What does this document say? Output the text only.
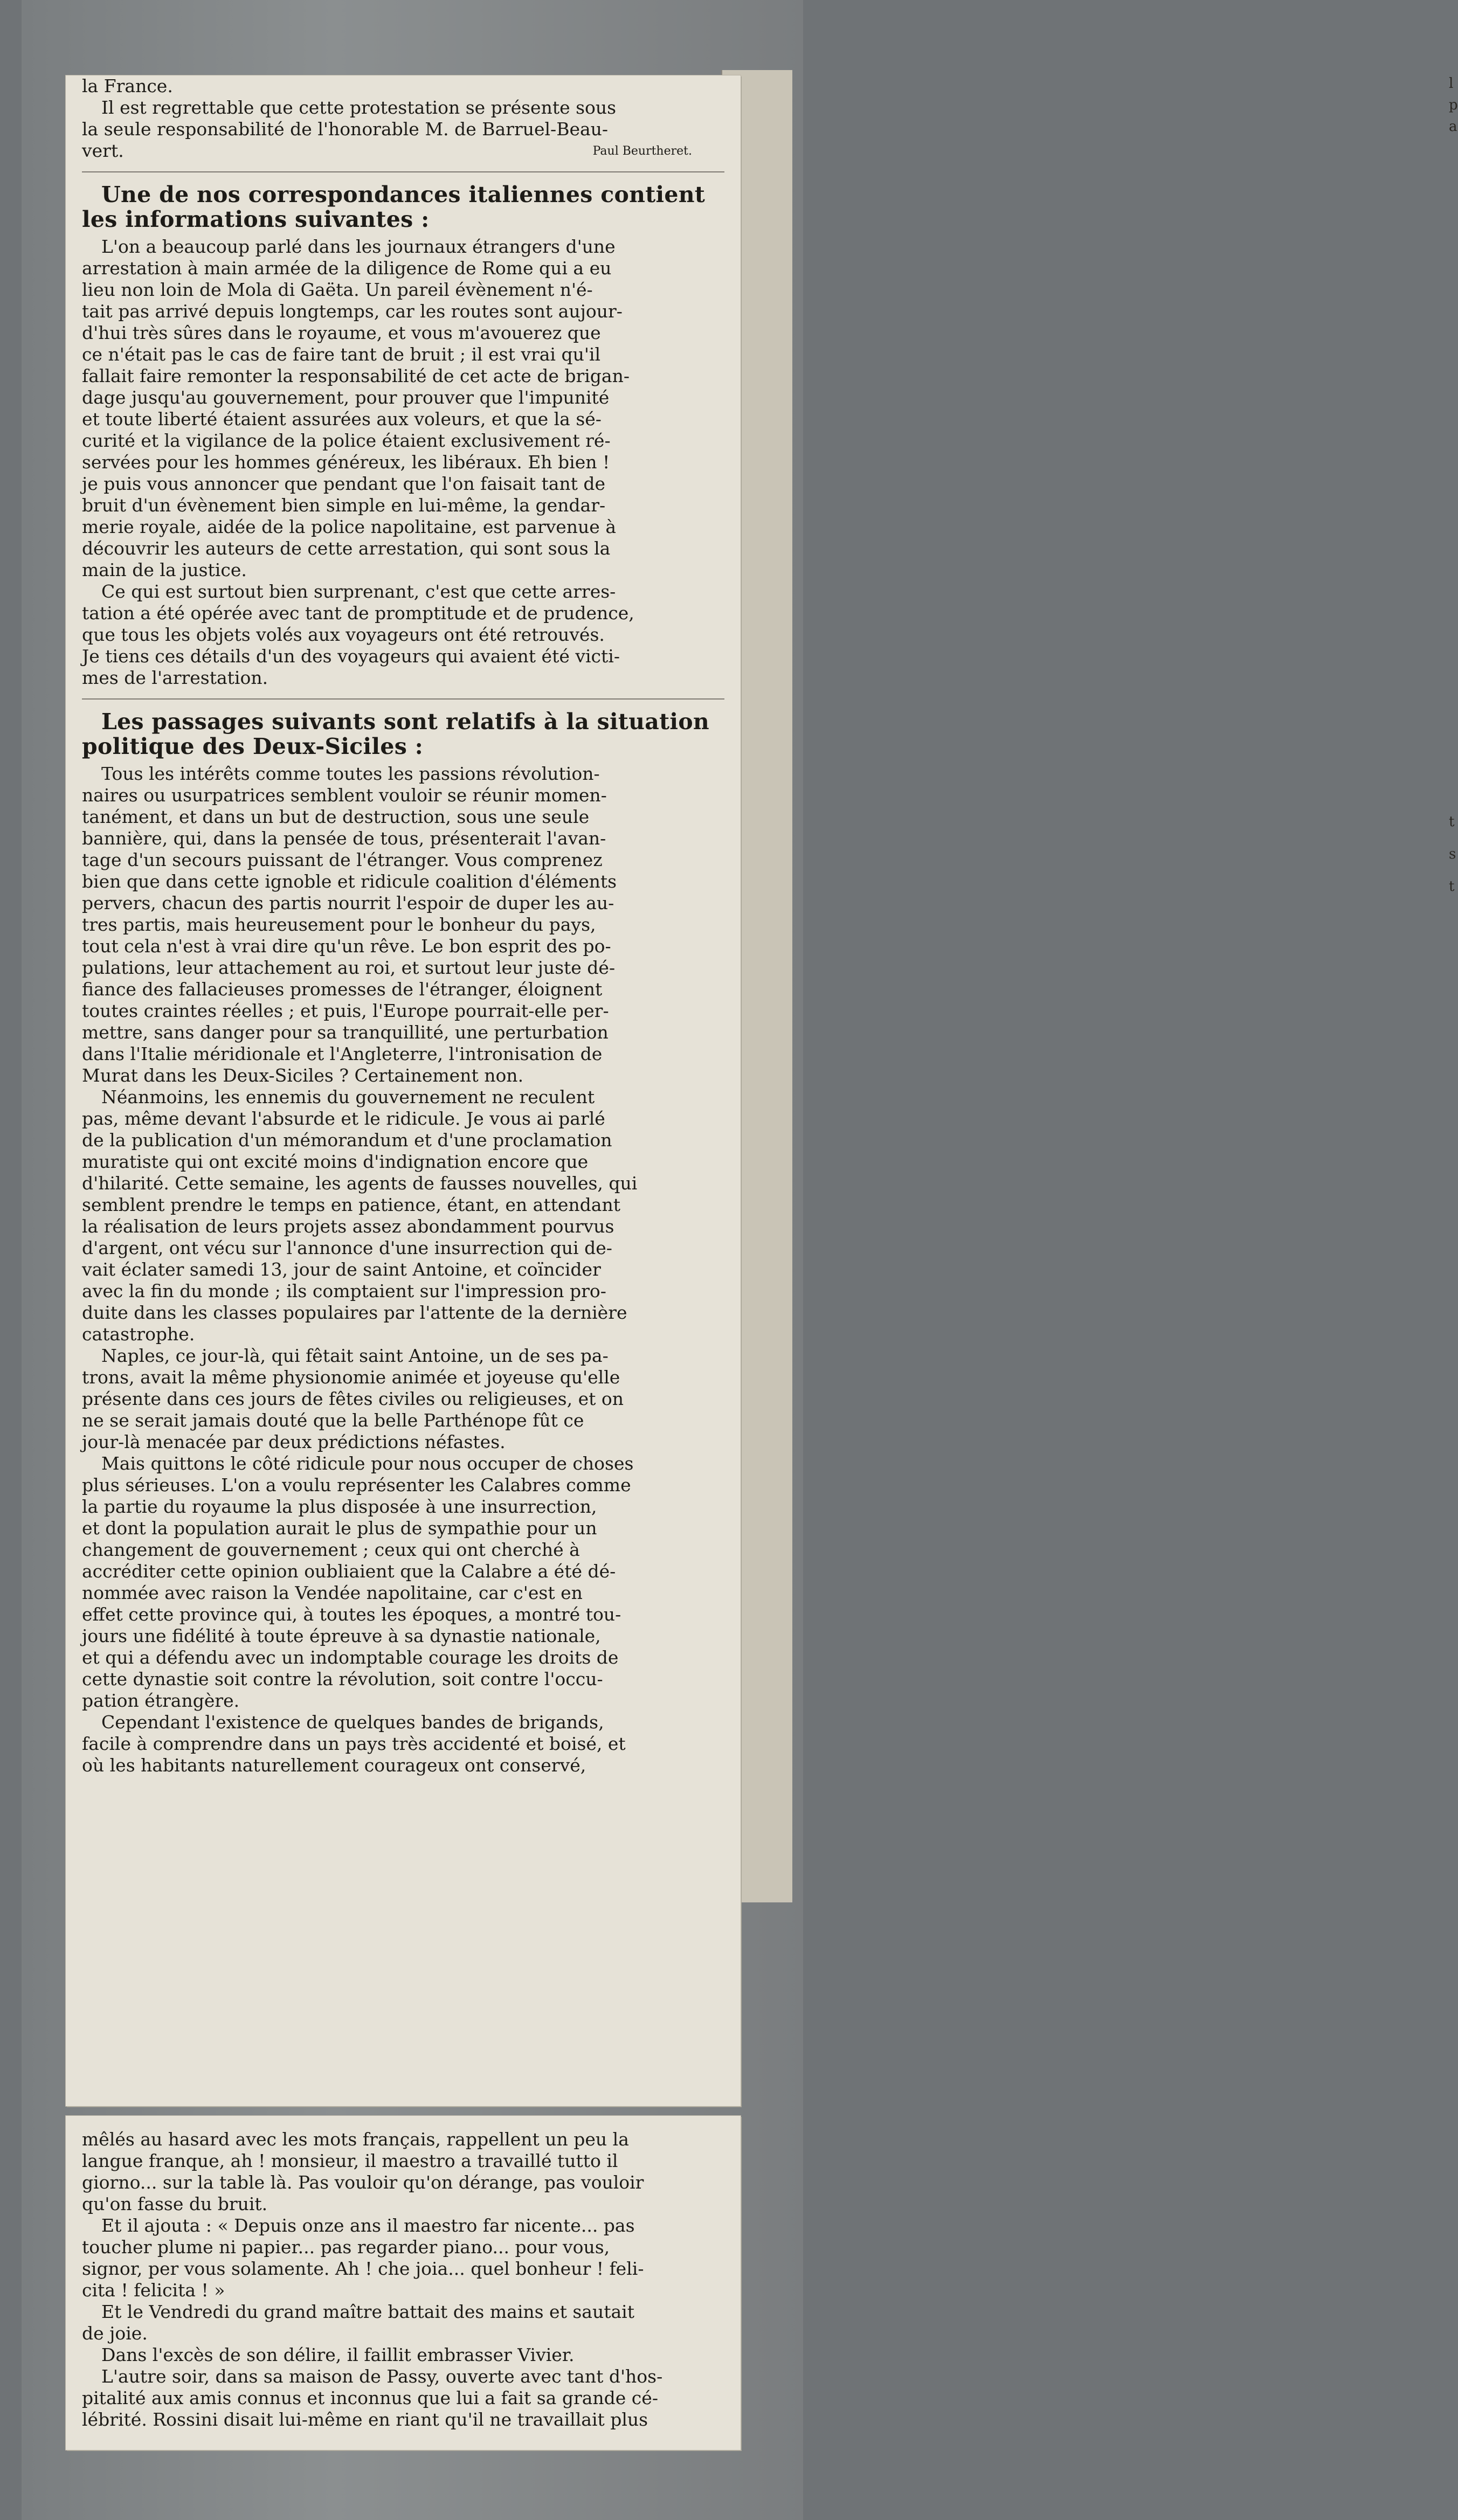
l
p
a
t
s
t
la France.
Il est regrettable que cette protestation se présente sous
la seule responsabilité de l'honorable M. de Barruel-Beau-
vert.	Paul Beurtheret.
Une de nos correspondances italiennes contient
les informations suivantes :
L'on a beaucoup parlé dans les journaux étrangers d'une
arrestation à main armée de la diligence de Rome qui a eu
lieu non loin de Mola di Gaëta. Un pareil évènement n'é-
tait pas arrivé depuis longtemps, car les routes sont aujour-
d'hui très sûres dans le royaume, et vous m'avouerez que
ce n'était pas le cas de faire tant de bruit ; il est vrai qu'il
fallait faire remonter la responsabilité de cet acte de brigan-
dage jusqu'au gouvernement, pour prouver que l'impunité
et toute liberté étaient assurées aux voleurs, et que la sé-
curité et la vigilance de la police étaient exclusivement ré-
servées pour les hommes généreux, les libéraux. Eh bien !
je puis vous annoncer que pendant que l'on faisait tant de
bruit d'un évènement bien simple en lui-même, la gendar-
merie royale, aidée de la police napolitaine, est parvenue à
découvrir les auteurs de cette arrestation, qui sont sous la
main de la justice.
Ce qui est surtout bien surprenant, c'est que cette arres-
tation a été opérée avec tant de promptitude et de prudence,
que tous les objets volés aux voyageurs ont été retrouvés.
Je tiens ces détails d'un des voyageurs qui avaient été victi-
mes de l'arrestation.
Les passages suivants sont relatifs à la situation
politique des Deux-Siciles :
Tous les intérêts comme toutes les passions révolution-
naires ou usurpatrices semblent vouloir se réunir momen-
tanément, et dans un but de destruction, sous une seule
bannière, qui, dans la pensée de tous, présenterait l'avan-
tage d'un secours puissant de l'étranger. Vous comprenez
bien que dans cette ignoble et ridicule coalition d'éléments
pervers, chacun des partis nourrit l'espoir de duper les au-
tres partis, mais heureusement pour le bonheur du pays,
tout cela n'est à vrai dire qu'un rêve. Le bon esprit des po-
pulations, leur attachement au roi, et surtout leur juste dé-
fiance des fallacieuses promesses de l'étranger, éloignent
toutes craintes réelles ; et puis, l'Europe pourrait-elle per-
mettre, sans danger pour sa tranquillité, une perturbation
dans l'Italie méridionale et l'Angleterre, l'intronisation de
Murat dans les Deux-Siciles ? Certainement non.
Néanmoins, les ennemis du gouvernement ne reculent
pas, même devant l'absurde et le ridicule. Je vous ai parlé
de la publication d'un mémorandum et d'une proclamation
muratiste qui ont excité moins d'indignation encore que
d'hilarité. Cette semaine, les agents de fausses nouvelles, qui
semblent prendre le temps en patience, étant, en attendant
la réalisation de leurs projets assez abondamment pourvus
d'argent, ont vécu sur l'annonce d'une insurrection qui de-
vait éclater samedi 13, jour de saint Antoine, et coïncider
avec la fin du monde ; ils comptaient sur l'impression pro-
duite dans les classes populaires par l'attente de la dernière
catastrophe.
Naples, ce jour-là, qui fêtait saint Antoine, un de ses pa-
trons, avait la même physionomie animée et joyeuse qu'elle
présente dans ces jours de fêtes civiles ou religieuses, et on
ne se serait jamais douté que la belle Parthénope fût ce
jour-là menacée par deux prédictions néfastes.
Mais quittons le côté ridicule pour nous occuper de choses
plus sérieuses. L'on a voulu représenter les Calabres comme
la partie du royaume la plus disposée à une insurrection,
et dont la population aurait le plus de sympathie pour un
changement de gouvernement ; ceux qui ont cherché à
accréditer cette opinion oubliaient que la Calabre a été dé-
nommée avec raison la Vendée napolitaine, car c'est en
effet cette province qui, à toutes les époques, a montré tou-
jours une fidélité à toute épreuve à sa dynastie nationale,
et qui a défendu avec un indomptable courage les droits de
cette dynastie soit contre la révolution, soit contre l'occu-
pation étrangère.
Cependant l'existence de quelques bandes de brigands,
facile à comprendre dans un pays très accidenté et boisé, et
où les habitants naturellement courageux ont conservé,
mêlés au hasard avec les mots français, rappellent un peu la
langue franque, ah ! monsieur, il maestro a travaillé tutto il
giorno... sur la table là. Pas vouloir qu'on dérange, pas vouloir
qu'on fasse du bruit.
Et il ajouta : « Depuis onze ans il maestro far nicente... pas
toucher plume ni papier... pas regarder piano... pour vous,
signor, per vous solamente. Ah ! che joia... quel bonheur ! feli-
cita ! felicita ! »
Et le Vendredi du grand maître battait des mains et sautait
de joie.
Dans l'excès de son délire, il faillit embrasser Vivier.
L'autre soir, dans sa maison de Passy, ouverte avec tant d'hos-
pitalité aux amis connus et inconnus que lui a fait sa grande cé-
lébrité. Rossini disait lui-même en riant qu'il ne travaillait plus
